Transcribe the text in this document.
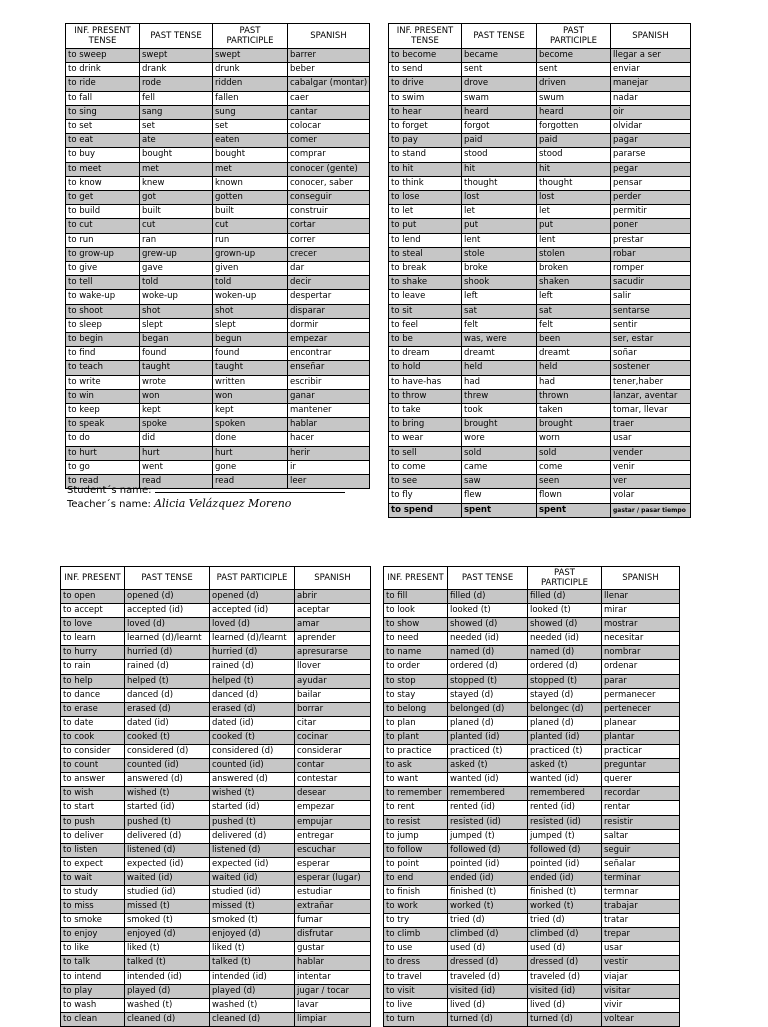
INF. PRESENT TENSE	PAST TENSE	PAST PARTICIPLE	SPANISH
to sweep	swept	swept	barrer
to drink	drank	drunk	beber
to ride	rode	ridden	cabalgar (montar)
to fall	fell	fallen	caer
to sing	sang	sung	cantar
to set	set	set	colocar
to eat	ate	eaten	comer
to buy	bought	bought	comprar
to meet	met	met	conocer (gente)
to know	knew	known	conocer, saber
to get	got	gotten	conseguir
to build	built	built	construir
to cut	cut	cut	cortar
to run	ran	run	correr
to grow-up	grew-up	grown-up	crecer
to give	gave	given	dar
to tell	told	told	decir
to wake-up	woke-up	woken-up	despertar
to shoot	shot	shot	disparar
to sleep	slept	slept	dormir
to begin	began	begun	empezar
to find	found	found	encontrar
to teach	taught	taught	enseñar
to write	wrote	written	escribir
to win	won	won	ganar
to keep	kept	kept	mantener
to speak	spoke	spoken	hablar
to do	did	done	hacer
to hurt	hurt	hurt	herir
to go	went	gone	ir
to read	read	read	leer
INF. PRESENT TENSE	PAST TENSE	PAST PARTICIPLE	SPANISH
to become	became	become	llegar a ser
to send	sent	sent	enviar
to drive	drove	driven	manejar
to swim	swam	swum	nadar
to hear	heard	heard	oir
to forget	forgot	forgotten	olvidar
to pay	paid	paid	pagar
to stand	stood	stood	pararse
to hit	hit	hit	pegar
to think	thought	thought	pensar
to lose	lost	lost	perder
to let	let	let	permitir
to put	put	put	poner
to lend	lent	lent	prestar
to steal	stole	stolen	robar
to break	broke	broken	romper
to shake	shook	shaken	sacudir
to leave	left	left	salir
to sit	sat	sat	sentarse
to feel	felt	felt	sentir
to be	was, were	been	ser, estar
to dream	dreamt	dreamt	soñar
to hold	held	held	sostener
to have-has	had	had	tener,haber
to throw	threw	thrown	lanzar, aventar
to take	took	taken	tomar, llevar
to bring	brought	brought	traer
to wear	wore	worn	usar
to sell	sold	sold	vender
to come	came	come	venir
to see	saw	seen	ver
to fly	flew	flown	volar
to spend	spent	spent	gastar / pasar tiempo
INF. PRESENT	PAST TENSE	PAST PARTICIPLE	SPANISH
to open	opened (d)	opened (d)	abrir
to accept	accepted (id)	accepted (id)	aceptar
to love	loved (d)	loved (d)	amar
to learn	learned (d)/learnt	learned (d)/learnt	aprender
to hurry	hurried (d)	hurried (d)	apresurarse
to rain	rained (d)	rained (d)	llover
to help	helped (t)	helped (t)	ayudar
to dance	danced (d)	danced (d)	bailar
to erase	erased (d)	erased (d)	borrar
to date	dated (id)	dated (id)	citar
to cook	cooked (t)	cooked (t)	cocinar
to consider	considered (d)	considered (d)	considerar
to count	counted (id)	counted (id)	contar
to answer	answered (d)	answered (d)	contestar
to wish	wished (t)	wished (t)	desear
to start	started (id)	started (id)	empezar
to push	pushed (t)	pushed (t)	empujar
to deliver	delivered (d)	delivered (d)	entregar
to listen	listened (d)	listened (d)	escuchar
to expect	expected (id)	expected (id)	esperar
to wait	waited (id)	waited (id)	esperar (lugar)
to study	studied (id)	studied (id)	estudiar
to miss	missed (t)	missed (t)	extrañar
to smoke	smoked (t)	smoked (t)	fumar
to enjoy	enjoyed (d)	enjoyed (d)	disfrutar
to like	liked (t)	liked (t)	gustar
to talk	talked (t)	talked (t)	hablar
to intend	intended (id)	intended (id)	intentar
to play	played (d)	played (d)	jugar / tocar
to wash	washed (t)	washed (t)	lavar
to clean	cleaned (d)	cleaned (d)	limpiar
INF. PRESENT	PAST TENSE	PAST PARTICIPLE	SPANISH
to fill	filled (d)	filled (d)	llenar
to look	looked (t)	looked (t)	mirar
to show	showed (d)	showed (d)	mostrar
to need	needed (id)	needed (id)	necesitar
to name	named (d)	named (d)	nombrar
to order	ordered (d)	ordered (d)	ordenar
to stop	stopped (t)	stopped (t)	parar
to stay	stayed (d)	stayed (d)	permanecer
to belong	belonged (d)	belongec (d)	pertenecer
to plan	planed (d)	planed (d)	planear
to plant	planted (id)	planted (id)	plantar
to practice	practiced (t)	practiced (t)	practicar
to ask	asked (t)	asked (t)	preguntar
to want	wanted (id)	wanted (id)	querer
to remember	remembered	remembered	recordar
to rent	rented (id)	rented (id)	rentar
to resist	resisted (id)	resisted (id)	resistir
to jump	jumped (t)	jumped (t)	saltar
to follow	followed (d)	followed (d)	seguir
to point	pointed (id)	pointed (id)	señalar
to end	ended (id)	ended (id)	terminar
to finish	finished (t)	finished (t)	termnar
to work	worked (t)	worked (t)	trabajar
to try	tried (d)	tried (d)	tratar
to climb	climbed (d)	climbed (d)	trepar
to use	used (d)	used (d)	usar
to dress	dressed (d)	dressed (d)	vestir
to travel	traveled (d)	traveled (d)	viajar
to visit	visited (id)	visited (id)	visitar
to live	lived (d)	lived (d)	vivir
to turn	turned (d)	turned (d)	voltear
Student´s name:
Teacher´s name: Alicia Velázquez Moreno
